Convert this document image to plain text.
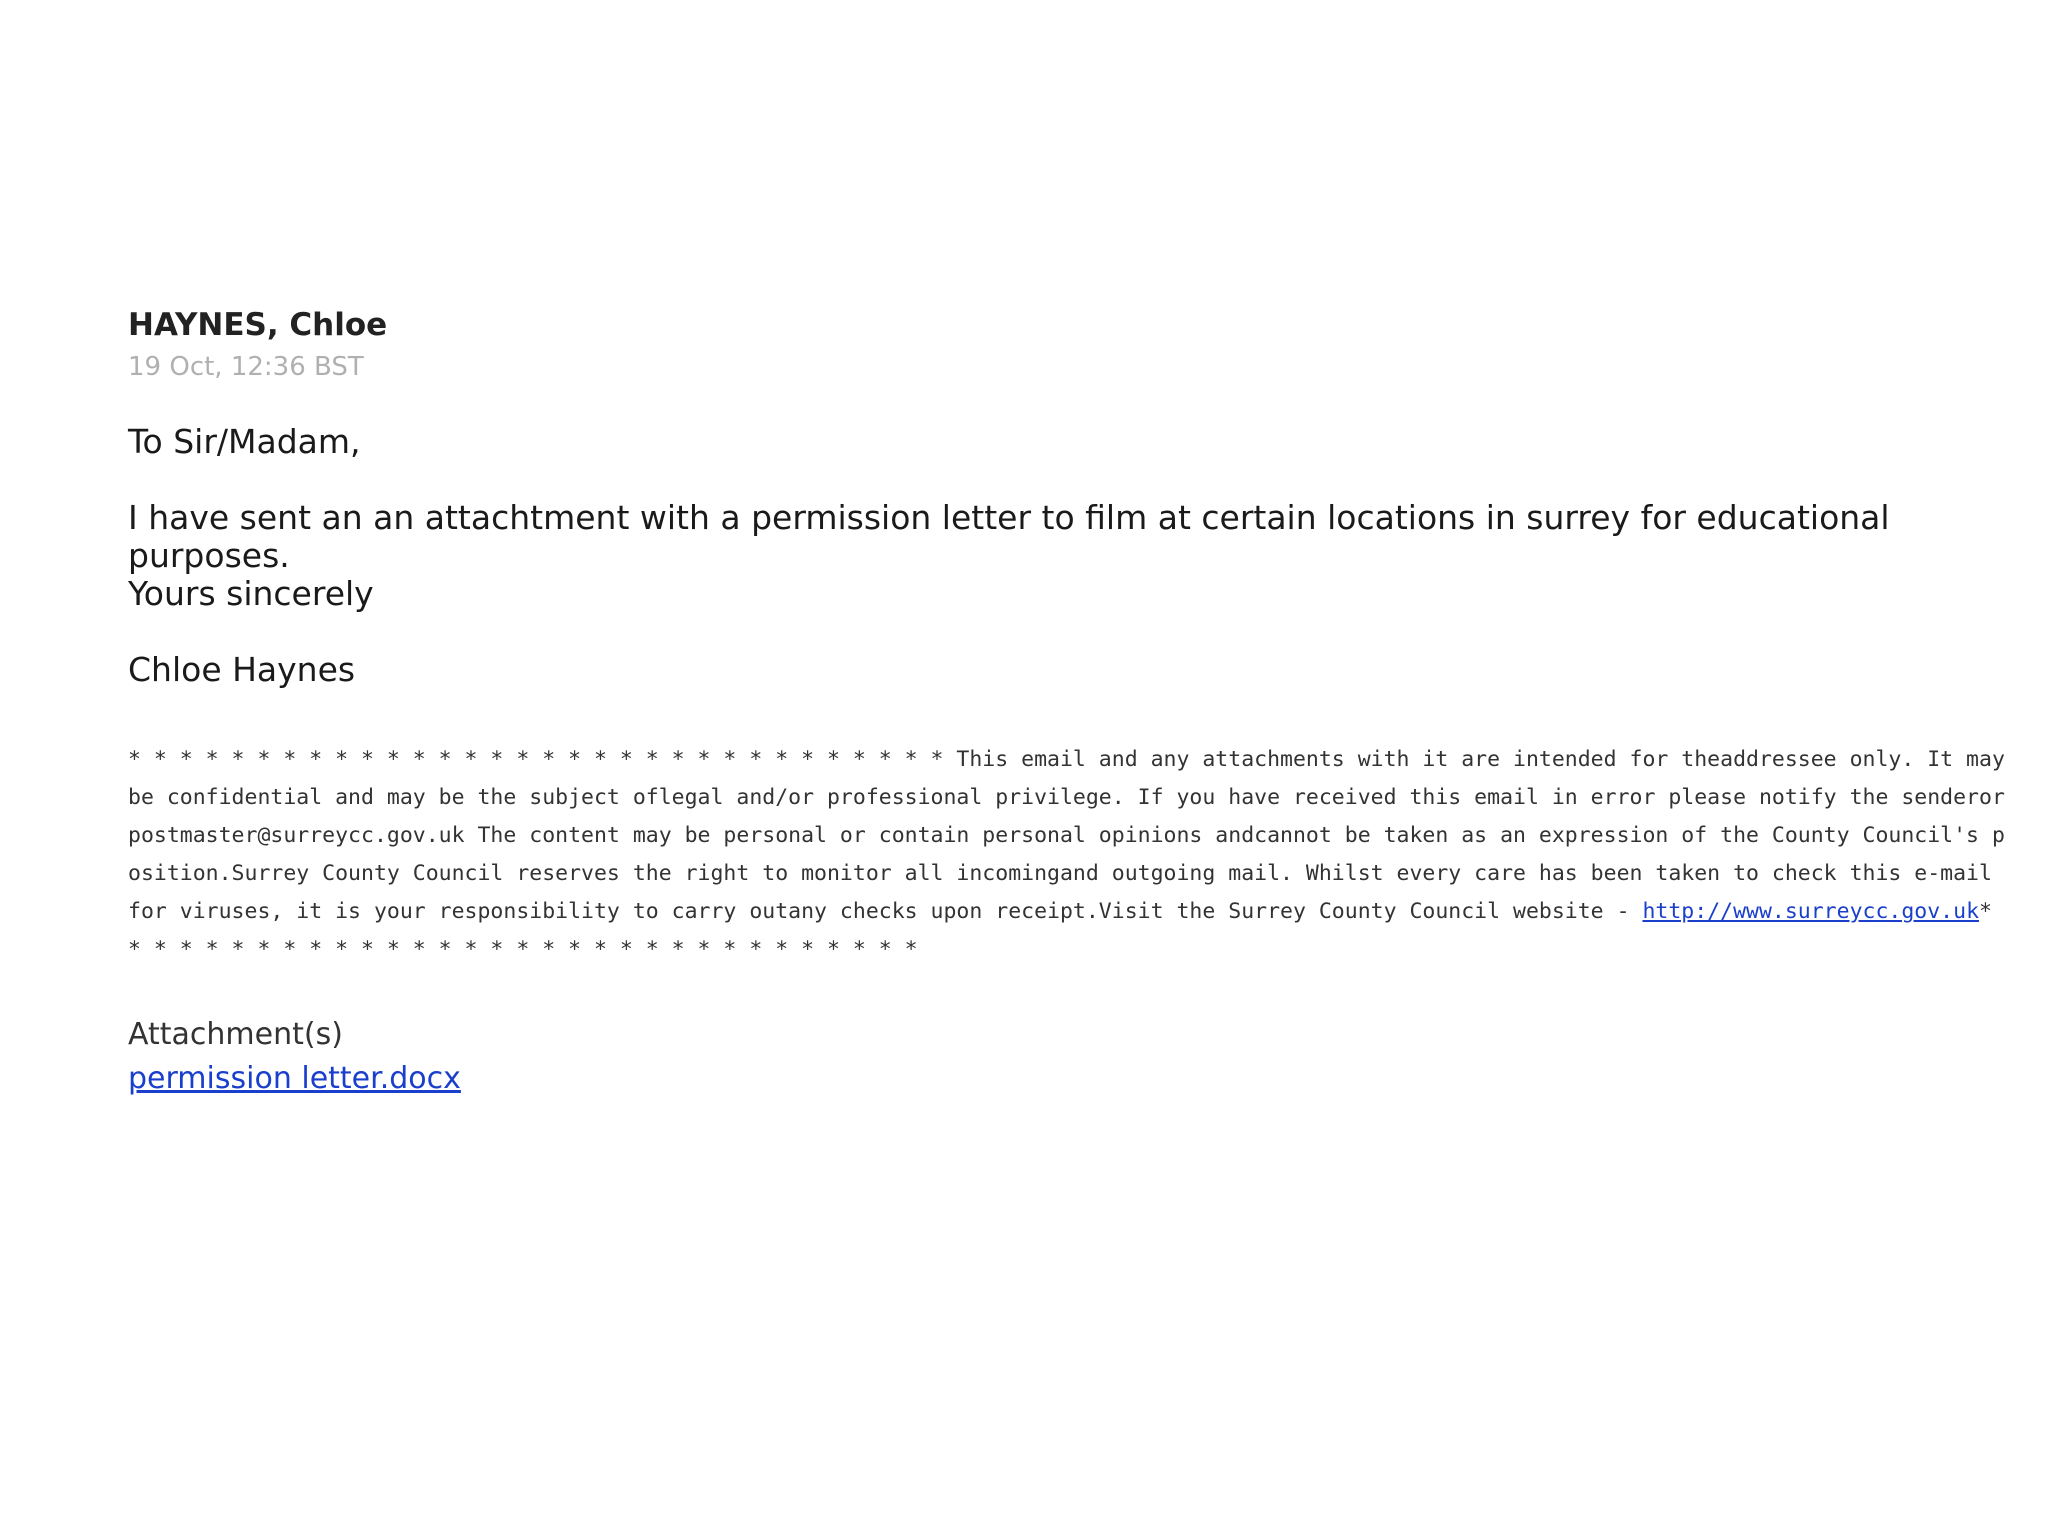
HAYNES, Chloe
19 Oct, 12:36 BST
To Sir/Madam,
I have sent an an attachtment with a permission letter to film at certain locations in surrey for educational purposes.
Yours sincerely
Chloe Haynes
* * * * * * * * * * * * * * * * * * * * * * * * * * * * * * * * This email and any attachments with it are intended for theaddressee only. It may be confidential and may be the subject oflegal and/or professional privilege. If you have received this email in error please notify the senderor postmaster@surreycc.gov.uk The content may be personal or contain personal opinions andcannot be taken as an expression of the County Council's position.Surrey County Council reserves the right to monitor all incomingand outgoing mail. Whilst every care has been taken to check this e-mail for viruses, it is your responsibility to carry outany checks upon receipt.Visit the Surrey County Council website - http://www.surreycc.gov.uk* * * * * * * * * * * * * * * * * * * * * * * * * * * * * * * *
Attachment(s)
permission letter.docx
